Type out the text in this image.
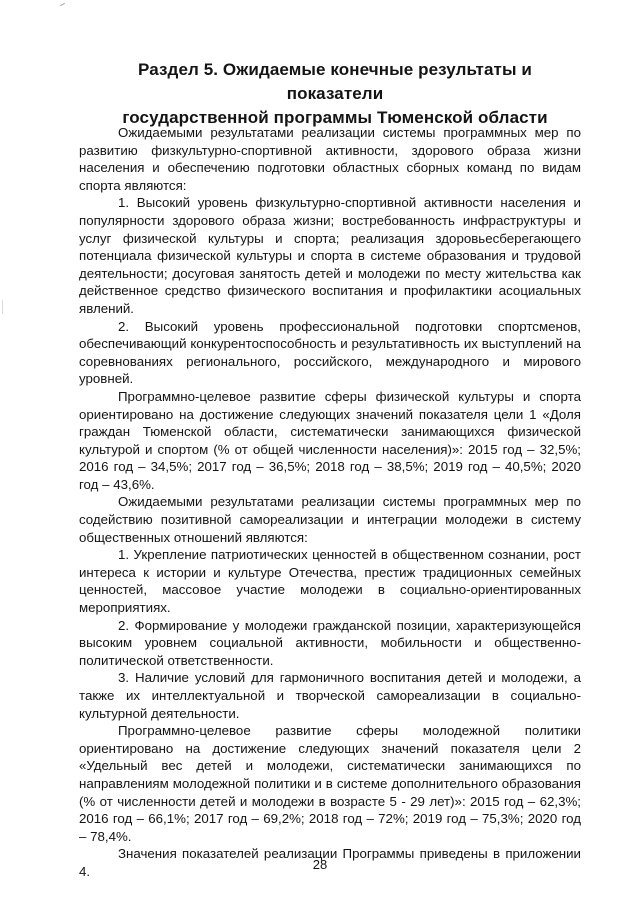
Раздел 5. Ожидаемые конечные результаты и показатели
государственной программы Тюменской области

Ожидаемыми результатами реализации системы программных мер по развитию физкультурно-спортивной активности, здорового образа жизни населения и обеспечению подготовки областных сборных команд по видам спорта являются:

1. Высокий уровень физкультурно-спортивной активности населения и популярности здорового образа жизни; востребованность инфраструктуры и услуг физической культуры и спорта; реализация здоровьесберегающего потенциала физической культуры и спорта в системе образования и трудовой деятельности; досуговая занятость детей и молодежи по месту жительства как действенное средство физического воспитания и профилактики асоциальных явлений.

2. Высокий уровень профессиональной подготовки спортсменов, обеспечивающий конкурентоспособность и результативность их выступлений на соревнованиях регионального, российского, международного и мирового уровней.

Программно-целевое развитие сферы физической культуры и спорта ориентировано на достижение следующих значений показателя цели 1 «Доля граждан Тюменской области, систематически занимающихся физической культурой и спортом (% от общей численности населения)»: 2015 год – 32,5%; 2016 год – 34,5%; 2017 год – 36,5%; 2018 год – 38,5%; 2019 год – 40,5%; 2020 год – 43,6%.

Ожидаемыми результатами реализации системы программных мер по содействию позитивной самореализации и интеграции молодежи в систему общественных отношений являются:

1. Укрепление патриотических ценностей в общественном сознании, рост интереса к истории и культуре Отечества, престиж традиционных семейных ценностей, массовое участие молодежи в социально-ориентированных мероприятиях.

2. Формирование у молодежи гражданской позиции, характеризующейся высоким уровнем социальной активности, мобильности и общественно-политической ответственности.

3. Наличие условий для гармоничного воспитания детей и молодежи, а также их интеллектуальной и творческой самореализации в социально-культурной деятельности.

Программно-целевое развитие сферы молодежной политики ориентировано на достижение следующих значений показателя цели 2 «Удельный вес детей и молодежи, систематически занимающихся по направлениям молодежной политики и в системе дополнительного образования (% от численности детей и молодежи в возрасте 5 - 29 лет)»: 2015 год – 62,3%; 2016 год – 66,1%; 2017 год – 69,2%; 2018 год – 72%; 2019 год – 75,3%; 2020 год – 78,4%.

Значения показателей реализации Программы приведены в приложении 4.	28
